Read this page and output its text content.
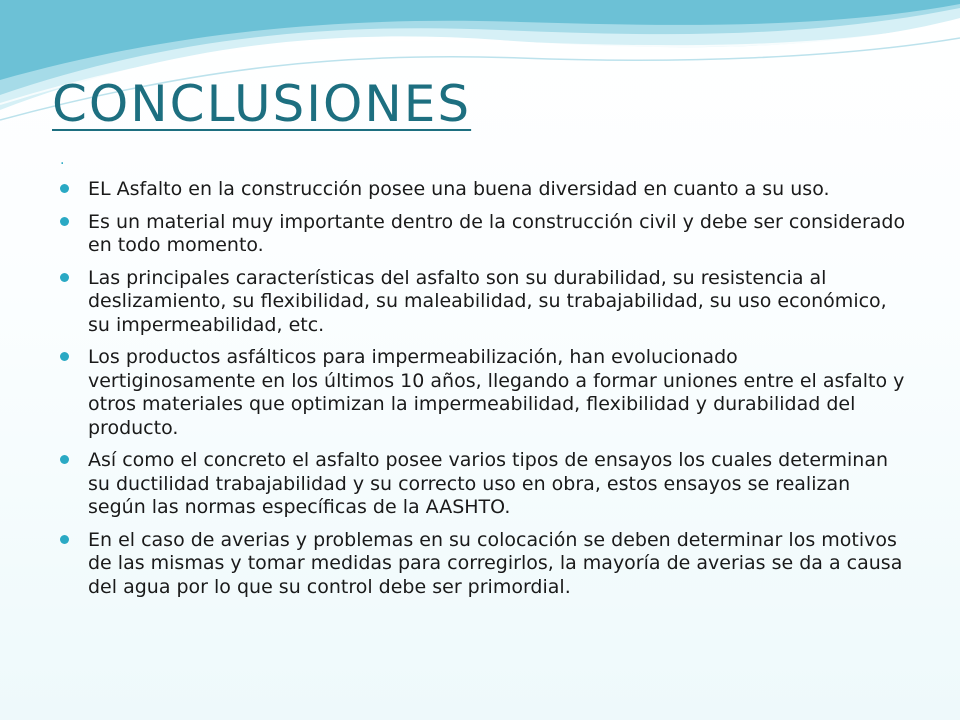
CONCLUSIONES
.
EL Asfalto en la construcción posee una buena diversidad en cuanto a su uso.
Es un material muy importante dentro de la construcción civil y debe ser considerado en todo momento.
Las principales características del asfalto son su durabilidad, su resistencia al deslizamiento, su flexibilidad, su maleabilidad, su trabajabilidad, su uso económico, su impermeabilidad, etc.
Los productos asfálticos para impermeabilización, han evolucionado vertiginosamente en los últimos 10 años, llegando a formar uniones entre el asfalto y otros materiales que optimizan la impermeabilidad, flexibilidad y durabilidad del producto.
Así como el concreto el asfalto posee varios tipos de ensayos los cuales determinan su ductilidad trabajabilidad y su correcto uso en obra, estos ensayos se realizan según las normas específicas de la AASHTO.
En el caso de averias y problemas en su colocación se deben determinar los motivos de las mismas y tomar medidas para corregirlos, la mayoría de averias se da a causa del agua por lo que su control debe ser primordial.
